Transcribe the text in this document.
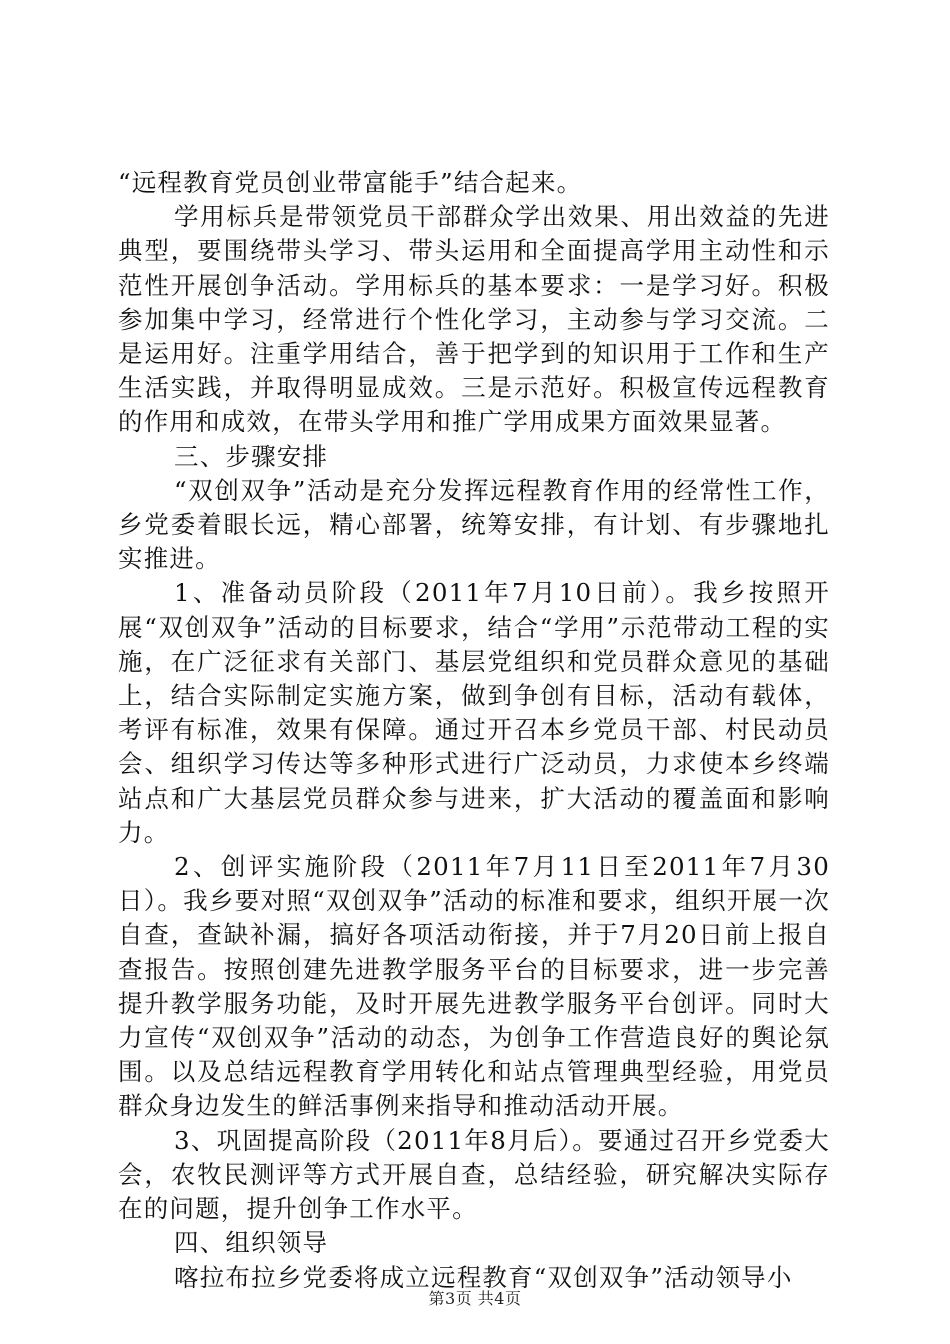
“远程教育党员创业带富能手”结合起来。

学用标兵是带领党员干部群众学出效果、用出效益的先进典型，要围绕带头学习、带头运用和全面提高学用主动性和示范性开展创争活动。学用标兵的基本要求：一是学习好。积极参加集中学习，经常进行个性化学习，主动参与学习交流。二是运用好。注重学用结合，善于把学到的知识用于工作和生产生活实践，并取得明显成效。三是示范好。积极宣传远程教育的作用和成效，在带头学用和推广学用成果方面效果显著。

三、步骤安排

“双创双争”活动是充分发挥远程教育作用的经常性工作，乡党委着眼长远，精心部署，统筹安排，有计划、有步骤地扎实推进。

1、准备动员阶段（2011年7月10日前）。我乡按照开展“双创双争”活动的目标要求，结合“学用”示范带动工程的实施，在广泛征求有关部门、基层党组织和党员群众意见的基础上，结合实际制定实施方案，做到争创有目标，活动有载体，考评有标准，效果有保障。通过开召本乡党员干部、村民动员会、组织学习传达等多种形式进行广泛动员，力求使本乡终端站点和广大基层党员群众参与进来，扩大活动的覆盖面和影响力。

2、创评实施阶段（2011年7月11日至2011年7月30日）。我乡要对照“双创双争”活动的标准和要求，组织开展一次自查，查缺补漏，搞好各项活动衔接，并于7月20日前上报自查报告。按照创建先进教学服务平台的目标要求，进一步完善提升教学服务功能，及时开展先进教学服务平台创评。同时大力宣传“双创双争”活动的动态，为创争工作营造良好的舆论氛围。以及总结远程教育学用转化和站点管理典型经验，用党员群众身边发生的鲜活事例来指导和推动活动开展。

3、巩固提高阶段（2011年8月后）。要通过召开乡党委大会，农牧民测评等方式开展自查，总结经验，研究解决实际存在的问题，提升创争工作水平。

四、组织领导

喀拉布拉乡党委将成立远程教育“双创双争”活动领导小

第3页 共4页
